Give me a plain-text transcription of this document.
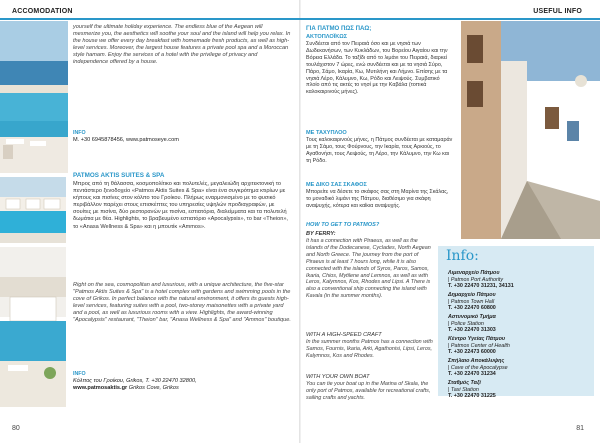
ACCOMODATION	USEFUL INFO
yourself the ultimate holiday experience. The endless blue of the Aegean will mesmerize you, the aesthetics will soothe your soul and the island will help you relax. In the house we offer every day breakfast with homemade fresh products, as well as high-level services. Moreover, the largest house features a private pool spa and a Moroccan style hamam. Enjoy the services of a hotel with the privilege of privacy and independence offered by a house.
INFO
M. +30 6945878456, www.patmoseye.com
PATMOS AKTIS SUITES & SPA
Μπρος από τη θάλασσα, κοσμοπολίτικο και πολυτελές, μεγαλειώδη αρχιτεκτονική το πεντάστερο ξενοδοχείο «Patmos Aktis Suites & Spa» είναι ένα συγκρότημα κτιρίων με κήπους και πισίνες στον κόλπο του Γροίκου. Πλήρως εναρμονισμένο με το φυσικό περιβάλλον παρέχει στους επισκέπτες του υπηρεσίες υψηλών προδιαγραφών, με σουίτες με πισίνα, δύο ρεστορανών με πισίνα, εστιατόρια, διαλείμματα και τα πολυτελή δωμάτια με θέα. Highlights, το βραβευμένο εστιατόριο «Apocalypsis», το bar «Theion», το «Anasa Wellness & Spa» και η μπουτίκ «Ammos».
Right on the sea, cosmopolitan and luxurious, with a unique architecture, the five-star "Patmos Aktis Suites & Spa" is a hotel complex with gardens and swimming pools in the cove of Grikos. In perfect balance with the natural environment, it offers its guests high-level services, featuring suites with a pool, two-storey maisonettes with a private yard and a pool, as well as luxurious rooms with a view. Highlights, the award-winning "Apocalypsis" restaurant, "Theion" bar, "Anasa Wellness & Spa" and "Ammos" boutique.
INFO
Κόλπος του Γροίκου, Grikos, T. +30 22470 32800,
www.patmosaktis.gr Grikos Cove, Grikos
80
ΓΙΑ ΠΑΤΜΟ ΠΩΣ ΠΑΩ;
ΑΚΤΟΠΛΟΪΚΩΣ
Συνδέεται από τον Πειραιά όσο και με νησιά των Δωδεκανήσων, των Κυκλάδων, του Βορείου Αιγαίου και την Βόρεια Ελλάδα. Το ταξίδι από το λιμάνι του Πειραιά, διαρκεί τουλάχιστον 7 ώρες, ενώ συνδέεται και με τα νησιά Σύρο, Πάρο, Σάμο, Ικαρία, Κω, Μυτιλήνη και Λήμνο. Επίσης με τα νησιά Λέρο, Κάλυμνο, Κω, Ρόδο και Λειψούς. Συμβατικό πλοίο από τις ακτές το νησί με την Καβάλα (τοπικά καλοκαιρινούς μήνες).
ΜΕ ΤΑΧΥΠΛΟΟ
Τους καλοκαιρινούς μήνες, η Πάτμος συνδέεται με καταμαράν με τη Σάμο, τους Φούρνους, την Ικαρία, τους Αρκιούς, το Αγαθονήσι, τους Λειψούς, τη Λέρο, την Κάλυμνο, την Κω και τη Ρόδο.
ΜΕ ΔΙΚΟ ΣΑΣ ΣΚΑΦΟΣ
Μπορείτε να δέσετε το σκάφος σας στη Μαρίνα της Σκάλας, το μοναδικό λιμάνι της Πάτμου, διαθέσιμο για σκάφη αναψυχής, κότερα και καΐκια αναψυχής.
HOW TO GET TO PATMOS?
BY FERRY:
It has a connection with Piraeus, as well as the islands of the Dodecanese, Cyclades, North Aegean and North Greece. The journey from the port of Piraeus is at least 7 hours long, while it is also connected with the islands of Syros, Paros, Samos, Ikaria, Chios, Mytilene and Lemnos, as well as with Leros, Kalymnos, Kos, Rhodes and Lipsi. A There is also a conventional ship connecting the island with Kavala (in the summer months).
WITH A HIGH-SPEED CRAFT
In the summer months Patmos has a connection with Samos, Fournis, Ikaria, Arki, Agathonisi, Lipsi, Leros, Kalymnos, Kos and Rhodes.
WITH YOUR OWN BOAT
You can tie your boat up in the Marina of Skala, the only port of Patmos, available for recreational crafts, sailing crafts and yachts.
Info:
Λιμεναρχείο Πάτμου
| Patmos Port Authority
T. +30 22470 31231, 34131
Δημαρχείο Πάτμου
| Patmos Town Hall
T. +30 22470 60800
Αστυνομικό Τμήμα
| Police Station
T. +30 22470 31303
Κέντρο Υγείας Πάτμου
| Patmos Center of Health
T. +30 22473 60000
Σπήλαιο Αποκάλυψης
| Cave of the Apocalypse
T. +30 22470 31234
Σταθμός Ταξί
| Taxi Station
T. +30 22470 31225
81
